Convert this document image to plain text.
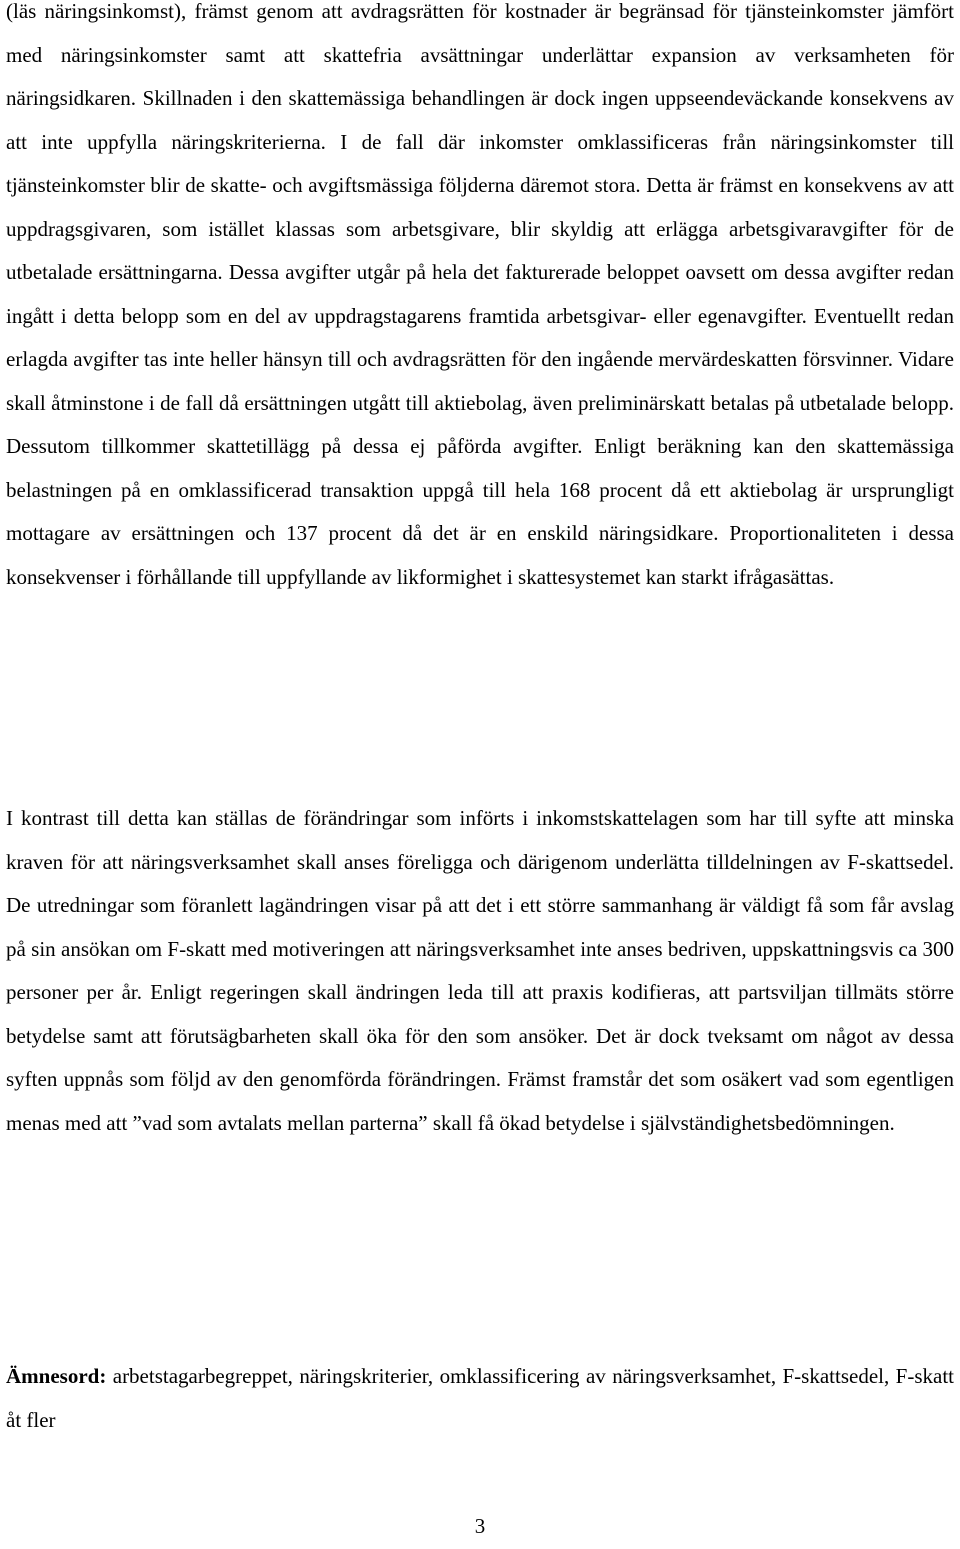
(läs näringsinkomst), främst genom att avdragsrätten för kostnader är begränsad för tjänsteinkomster jämfört med näringsinkomster samt att skattefria avsättningar underlättar expansion av verksamheten för näringsidkaren. Skillnaden i den skattemässiga behandlingen är dock ingen uppseendeväckande konsekvens av att inte uppfylla näringskriterierna. I de fall där inkomster omklassificeras från näringsinkomster till tjänsteinkomster blir de skatte- och avgiftsmässiga följderna däremot stora. Detta är främst en konsekvens av att uppdragsgivaren, som istället klassas som arbetsgivare, blir skyldig att erlägga arbetsgivaravgifter för de utbetalade ersättningarna. Dessa avgifter utgår på hela det fakturerade beloppet oavsett om dessa avgifter redan ingått i detta belopp som en del av uppdragstagarens framtida arbetsgivar- eller egenavgifter. Eventuellt redan erlagda avgifter tas inte heller hänsyn till och avdragsrätten för den ingående mervärdeskatten försvinner. Vidare skall åtminstone i de fall då ersättningen utgått till aktiebolag, även preliminärskatt betalas på utbetalade belopp. Dessutom tillkommer skattetillägg på dessa ej påförda avgifter. Enligt beräkning kan den skattemässiga belastningen på en omklassificerad transaktion uppgå till hela 168 procent då ett aktiebolag är ursprungligt mottagare av ersättningen och 137 procent då det är en enskild näringsidkare. Proportionaliteten i dessa konsekvenser i förhållande till uppfyllande av likformighet i skattesystemet kan starkt ifrågasättas.

I kontrast till detta kan ställas de förändringar som införts i inkomstskattelagen som har till syfte att minska kraven för att näringsverksamhet skall anses föreligga och därigenom underlätta tilldelningen av F-skattsedel. De utredningar som föranlett lagändringen visar på att det i ett större sammanhang är väldigt få som får avslag på sin ansökan om F-skatt med motiveringen att näringsverksamhet inte anses bedriven, uppskattningsvis ca 300 personer per år. Enligt regeringen skall ändringen leda till att praxis kodifieras, att partsviljan tillmäts större betydelse samt att förutsägbarheten skall öka för den som ansöker. Det är dock tveksamt om något av dessa syften uppnås som följd av den genomförda förändringen. Främst framstår det som osäkert vad som egentligen menas med att ”vad som avtalats mellan parterna” skall få ökad betydelse i självständighetsbedömningen.

Ämnesord: arbetstagarbegreppet, näringskriterier, omklassificering av näringsverksamhet, F-skattsedel, F-skatt åt fler

3
